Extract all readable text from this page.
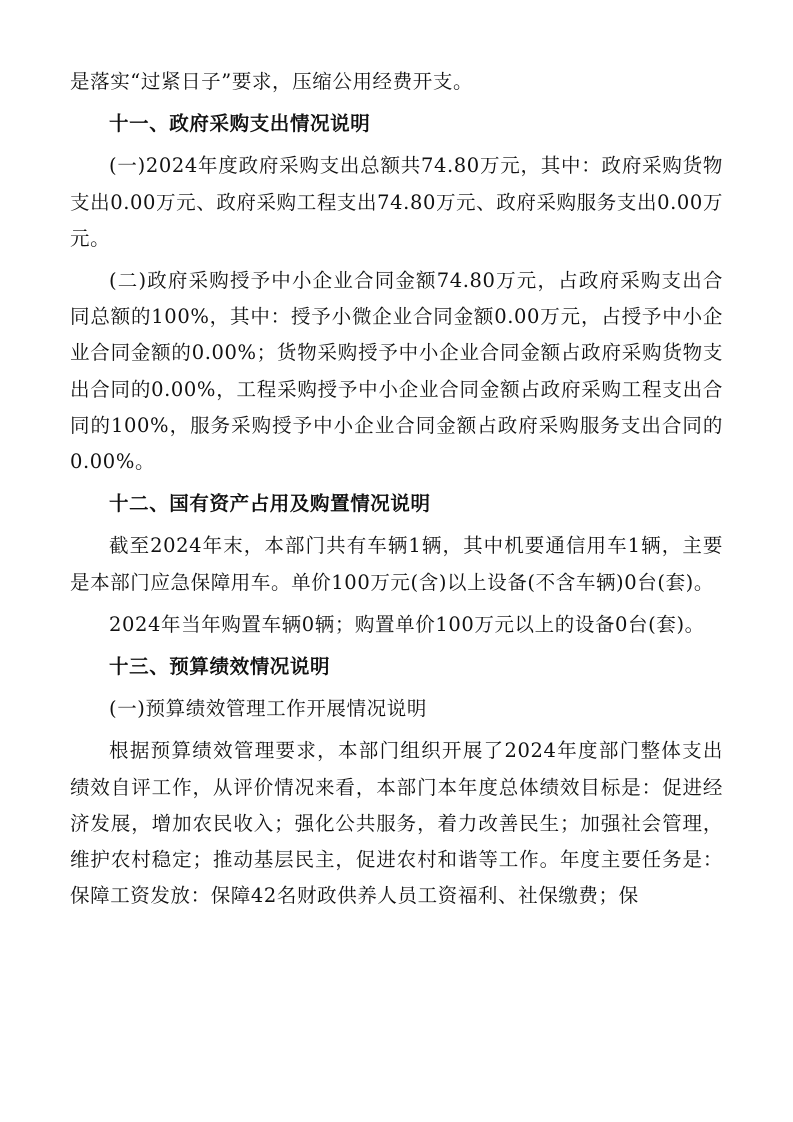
是落实“过紧日子”要求，压缩公用经费开支。

十一、政府采购支出情况说明

(一)2024年度政府采购支出总额共74.80万元，其中：政府采购货物支出0.00万元、政府采购工程支出74.80万元、政府采购服务支出0.00万元。

(二)政府采购授予中小企业合同金额74.80万元，占政府采购支出合同总额的100%，其中：授予小微企业合同金额0.00万元，占授予中小企业合同金额的0.00%；货物采购授予中小企业合同金额占政府采购货物支出合同的0.00%，工程采购授予中小企业合同金额占政府采购工程支出合同的100%，服务采购授予中小企业合同金额占政府采购服务支出合同的0.00%。

十二、国有资产占用及购置情况说明

截至2024年末，本部门共有车辆1辆，其中机要通信用车1辆，主要是本部门应急保障用车。单价100万元(含)以上设备(不含车辆)0台(套)。

2024年当年购置车辆0辆；购置单价100万元以上的设备0台(套)。

十三、预算绩效情况说明

(一)预算绩效管理工作开展情况说明

根据预算绩效管理要求，本部门组织开展了2024年度部门整体支出绩效自评工作，从评价情况来看，本部门本年度总体绩效目标是：促进经济发展，增加农民收入；强化公共服务，着力改善民生；加强社会管理，维护农村稳定；推动基层民主，促进农村和谐等工作。年度主要任务是：保障工资发放：保障42名财政供养人员工资福利、社保缴费；保
